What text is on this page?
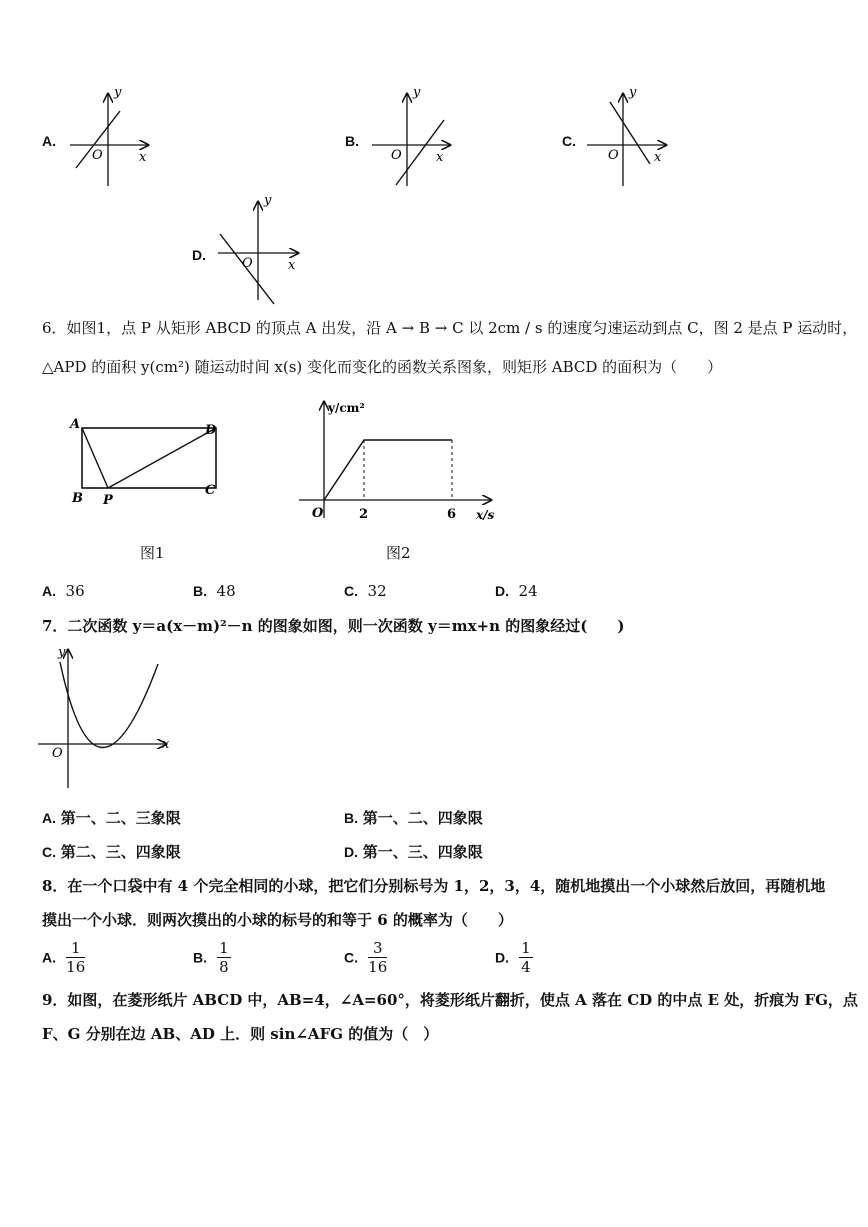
A.
O	x
y
B.
O	x
y
C.
O	x
y
D.
O	x
y
6．如图1，点 P 从矩形 ABCD 的顶点 A 出发，沿 A → B → C 以 2cm / s 的速度匀速运动到点 C，图 2 是点 P 运动时，
△APD 的面积 y(cm²) 随运动时间 x(s) 变化而变化的函数关系图象，则矩形 ABCD 的面积为（　　）
A
B
C
D
P
图1
y/cm²
x/s
O	2	6
图2
A. 36	B. 48	C. 32	D. 24
7．二次函数 y＝a(x－m)²－n 的图象如图，则一次函数 y＝mx+n 的图象经过(　　)
O
x
y
A. 第一、二、三象限	B. 第一、二、四象限
C. 第二、三、四象限	D. 第一、三、四象限
8．在一个口袋中有 4 个完全相同的小球，把它们分别标号为 1，2，3，4，随机地摸出一个小球然后放回，再随机地
摸出一个小球．则两次摸出的小球的标号的和等于 6 的概率为（　　）
A. $\frac{1}{16}$	B. $\frac{1}{8}$	C. $\frac{3}{16}$	D. $\frac{1}{4}$
9．如图，在菱形纸片 ABCD 中，AB=4，∠A=60°，将菱形纸片翻折，使点 A 落在 CD 的中点 E 处，折痕为 FG，点
F、G 分别在边 AB、AD 上．则 sin∠AFG 的值为（　）
